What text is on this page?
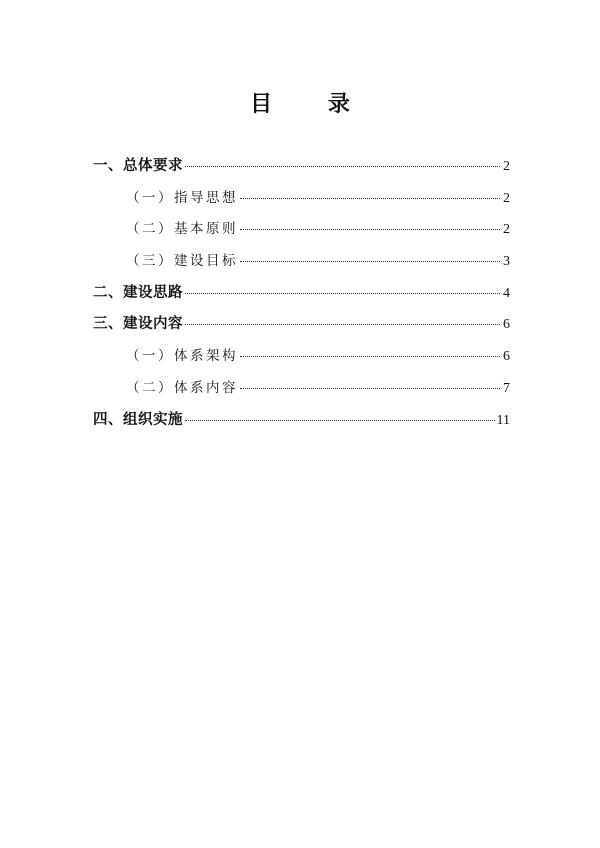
目 录
一、总体要求	2
（一）指导思想	2
（二）基本原则	2
（三）建设目标	3
二、建设思路	4
三、建设内容	6
（一）体系架构	6
（二）体系内容	7
四、组织实施	11
